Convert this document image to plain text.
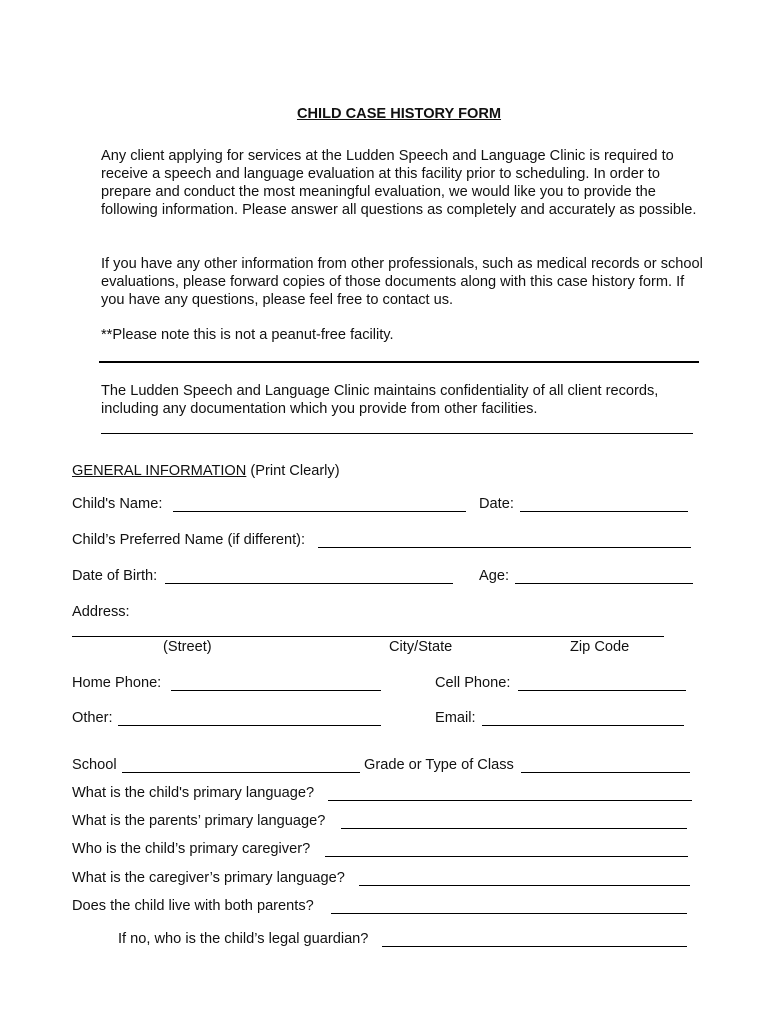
CHILD CASE HISTORY FORM
Any client applying for services at the Ludden Speech and Language Clinic is required to receive a speech and language evaluation at this facility prior to scheduling. In order to prepare and conduct the most meaningful evaluation, we would like you to provide the following information. Please answer all questions as completely and accurately as possible.
If you have any other information from other professionals, such as medical records or school evaluations, please forward copies of those documents along with this case history form. If you have any questions, please feel free to contact us.
**Please note this is not a peanut-free facility.
The Ludden Speech and Language Clinic maintains confidentiality of all client records, including any documentation which you provide from other facilities.
GENERAL INFORMATION (Print Clearly)
Child's Name:	Date:
Child’s Preferred Name (if different):
Date of Birth:	Age:
Address:
(Street)	City/State	Zip Code
Home Phone:	Cell Phone:
Other:	Email:
School	Grade or Type of Class
What is the child's primary language?
What is the parents’ primary language?
Who is the child’s primary caregiver?
What is the caregiver’s primary language?
Does the child live with both parents?
If no, who is the child’s legal guardian?
